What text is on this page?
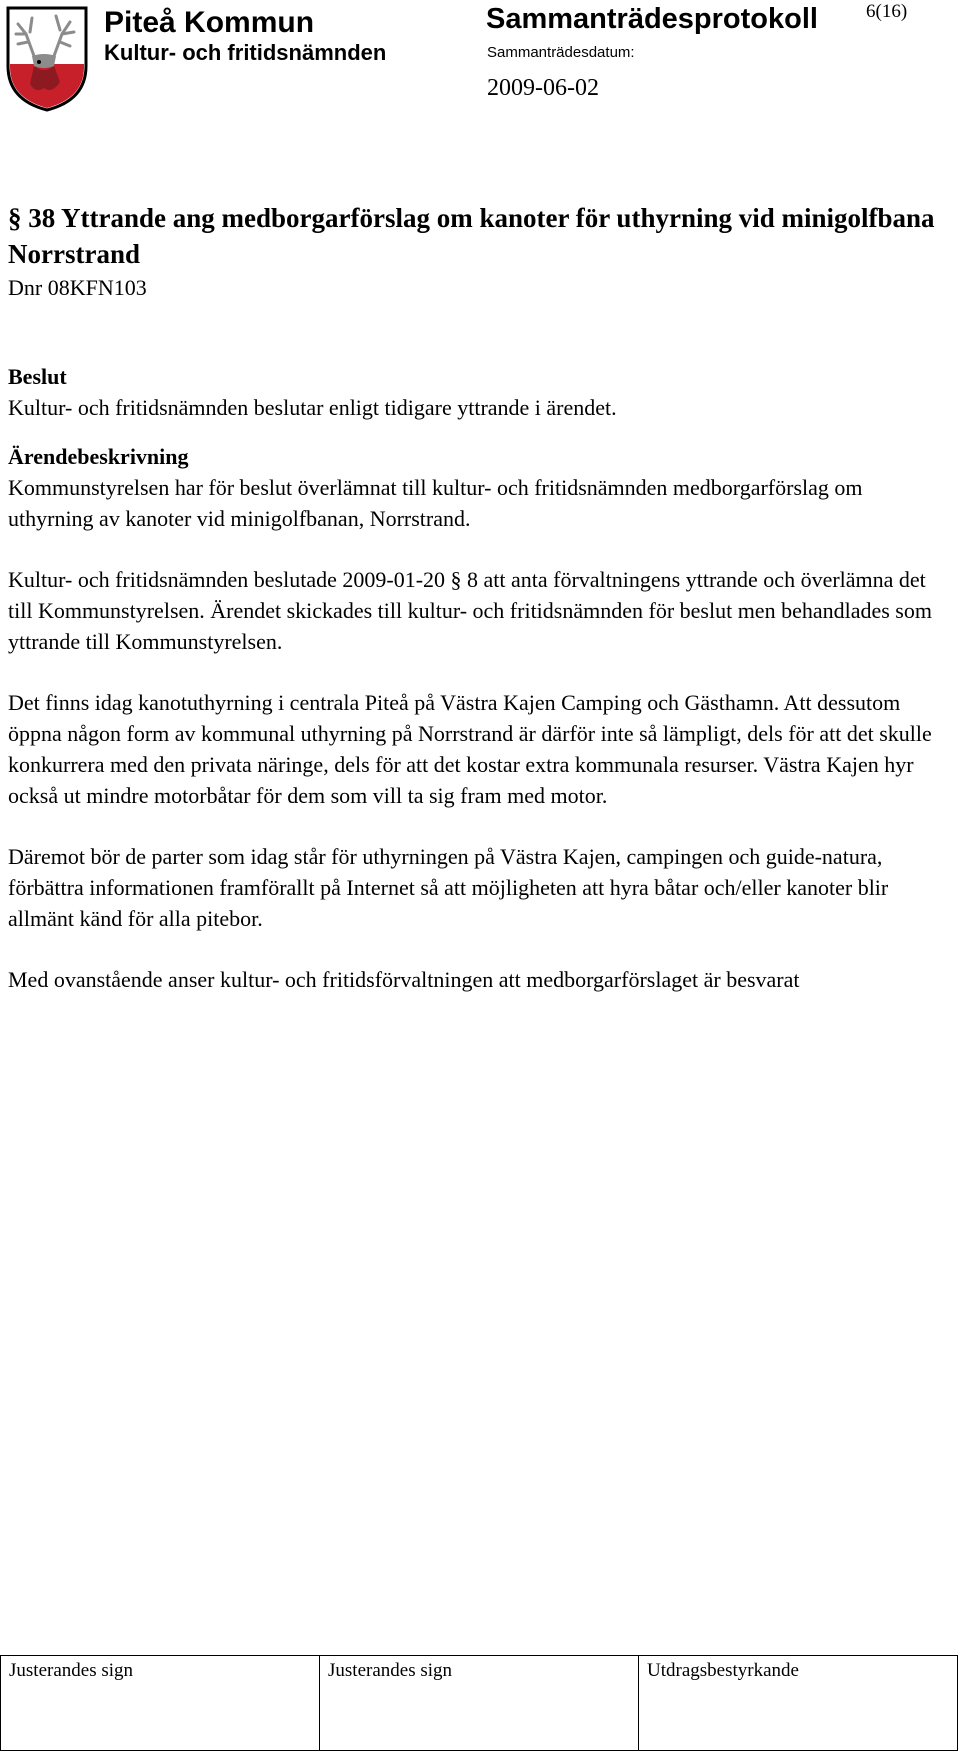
Piteå Kommun
Kultur- och fritidsnämnden
Sammanträdesprotokoll
Sammanträdesdatum:
2009-06-02
6(16)
§ 38 Yttrande ang medborgarförslag om kanoter för uthyrning vid minigolfbana Norrstrand

Dnr 08KFN103

Beslut

Kultur- och fritidsnämnden beslutar enligt tidigare yttrande i ärendet.

Ärendebeskrivning

Kommunstyrelsen har för beslut överlämnat till kultur- och fritidsnämnden medborgarförslag om uthyrning av kanoter vid minigolfbanan, Norrstrand.

Kultur- och fritidsnämnden beslutade 2009-01-20 § 8 att anta förvaltningens yttrande och överlämna det till Kommunstyrelsen. Ärendet skickades till kultur- och fritidsnämnden för beslut men behandlades som yttrande till Kommunstyrelsen.

Det finns idag kanotuthyrning i centrala Piteå på Västra Kajen Camping och Gästhamn. Att dessutom öppna någon form av kommunal uthyrning på Norrstrand är därför inte så lämpligt, dels för att det skulle konkurrera med den privata näringe, dels för att det kostar extra kommunala resurser. Västra Kajen hyr också ut mindre motorbåtar för dem som vill ta sig fram med motor.

Däremot bör de parter som idag står för uthyrningen på Västra Kajen, campingen och guide-natura, förbättra informationen framförallt på Internet så att möjligheten att hyra båtar och/eller kanoter blir allmänt känd för alla pitebor.

Med ovanstående anser kultur- och fritidsförvaltningen att medborgarförslaget är besvarat

Justerandes sign	Justerandes sign	Utdragsbestyrkande
